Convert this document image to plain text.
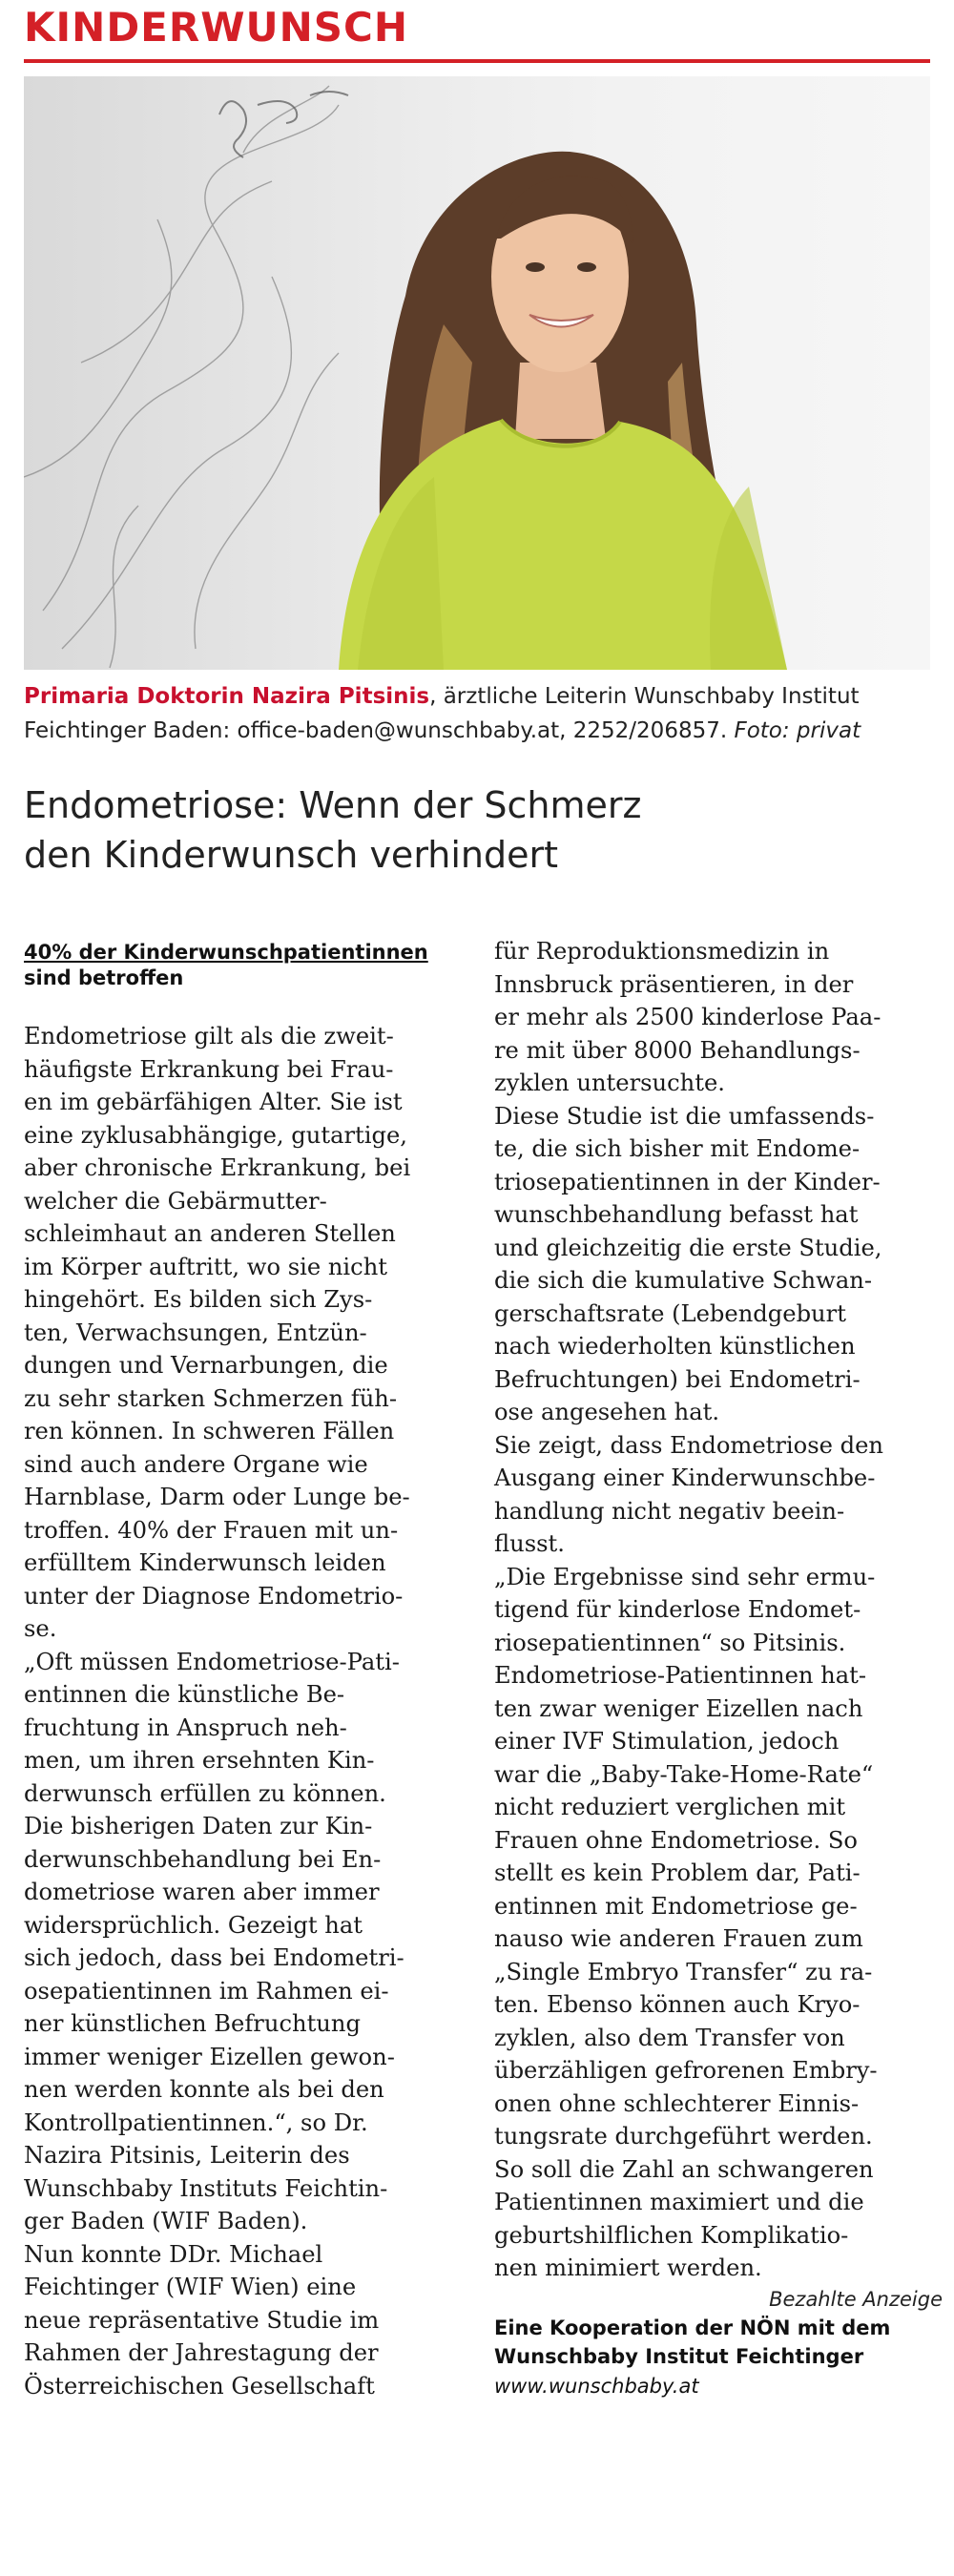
KINDERWUNSCH
Primaria Doktorin Nazira Pitsinis, ärztliche Leiterin Wunschbaby Institut Feichtinger Baden: office-baden@wunschbaby.at, 2252/206857. Foto: privat
Endometriose: Wenn der Schmerz
den Kinderwunsch verhindert
40% der Kinderwunschpatientinnen
sind betroffen

Endometriose gilt als die zweit-
häufigste Erkrankung bei Frau-
en im gebärfähigen Alter. Sie ist
eine zyklusabhängige, gutartige,
aber chronische Erkrankung, bei
welcher die Gebärmutter-
schleimhaut an anderen Stellen
im Körper auftritt, wo sie nicht
hingehört. Es bilden sich Zys-
ten, Verwachsungen, Entzün-
dungen und Vernarbungen, die
zu sehr starken Schmerzen füh-
ren können. In schweren Fällen
sind auch andere Organe wie
Harnblase, Darm oder Lunge be-
troffen. 40% der Frauen mit un-
erfülltem Kinderwunsch leiden
unter der Diagnose Endometrio-
se.
„Oft müssen Endometriose-Pati-
entinnen die künstliche Be-
fruchtung in Anspruch neh-
men, um ihren ersehnten Kin-
derwunsch erfüllen zu können.
Die bisherigen Daten zur Kin-
derwunschbehandlung bei En-
dometriose waren aber immer
widersprüchlich. Gezeigt hat
sich jedoch, dass bei Endometri-
osepatientinnen im Rahmen ei-
ner künstlichen Befruchtung
immer weniger Eizellen gewon-
nen werden konnte als bei den
Kontrollpatientinnen.“, so Dr.
Nazira Pitsinis, Leiterin des
Wunschbaby Instituts Feichtin-
ger Baden (WIF Baden).
Nun konnte DDr. Michael
Feichtinger (WIF Wien) eine
neue repräsentative Studie im
Rahmen der Jahrestagung der
Österreichischen Gesellschaft

für Reproduktionsmedizin in
Innsbruck präsentieren, in der
er mehr als 2500 kinderlose Paa-
re mit über 8000 Behandlungs-
zyklen untersuchte.
Diese Studie ist die umfassends-
te, die sich bisher mit Endome-
triosepatientinnen in der Kinder-
wunschbehandlung befasst hat
und gleichzeitig die erste Studie,
die sich die kumulative Schwan-
gerschaftsrate (Lebendgeburt
nach wiederholten künstlichen
Befruchtungen) bei Endometri-
ose angesehen hat.
Sie zeigt, dass Endometriose den
Ausgang einer Kinderwunschbe-
handlung nicht negativ beein-
flusst.
„Die Ergebnisse sind sehr ermu-
tigend für kinderlose Endomet-
riosepatientinnen“ so Pitsinis.
Endometriose-Patientinnen hat-
ten zwar weniger Eizellen nach
einer IVF Stimulation, jedoch
war die „Baby-Take-Home-Rate“
nicht reduziert verglichen mit
Frauen ohne Endometriose. So
stellt es kein Problem dar, Pati-
entinnen mit Endometriose ge-
nauso wie anderen Frauen zum
„Single Embryo Transfer“ zu ra-
ten. Ebenso können auch Kryo-
zyklen, also dem Transfer von
überzähligen gefrorenen Embry-
onen ohne schlechterer Einnis-
tungsrate durchgeführt werden.
So soll die Zahl an schwangeren
Patientinnen maximiert und die
geburtshilflichen Komplikatio-
nen minimiert werden.

Bezahlte Anzeige
Eine Kooperation der NÖN mit dem
Wunschbaby Institut Feichtinger
www.wunschbaby.at
